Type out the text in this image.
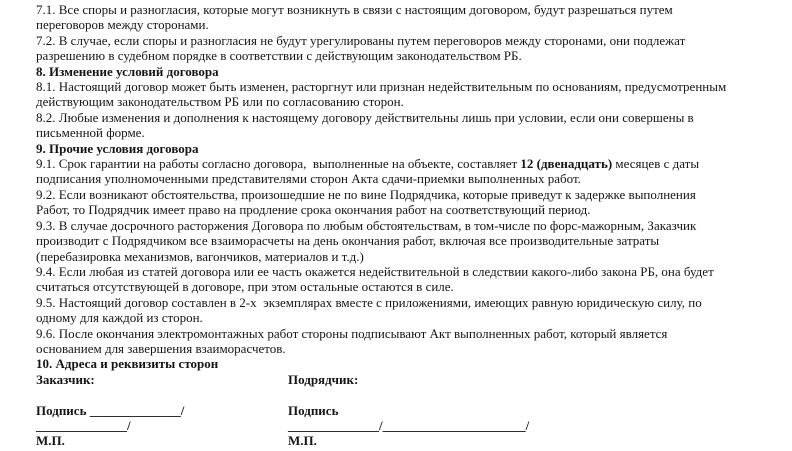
7.1. Все споры и разногласия, которые могут возникнуть в связи с настоящим договором, будут разрешаться путем
переговоров между сторонами.
7.2. В случае, если споры и разногласия не будут урегулированы путем переговоров между сторонами, они подлежат
разрешению в судебном порядке в соответствии с действующим законодательством РБ.
8. Изменение условий договора
8.1. Настоящий договор может быть изменен, расторгнут или признан недействительным по основаниям, предусмотренным
действующим законодательством РБ или по согласованию сторон.
8.2. Любые изменения и дополнения к настоящему договору действительны лишь при условии, если они совершены в
письменной форме.
9. Прочие условия договора
9.1. Срок гарантии на работы согласно договора,  выполненные на объекте, составляет 12 (двенадцать) месяцев с даты
подписания уполномоченными представителями сторон Акта сдачи-приемки выполненных работ.
9.2. Если возникают обстоятельства, произошедшие не по вине Подрядчика, которые приведут к задержке выполнения
Работ, то Подрядчик имеет право на продление срока окончания работ на соответствующий период.
9.3. В случае досрочного расторжения Договора по любым обстоятельствам, в том-числе по форс-мажорным, Заказчик
производит с Подрядчиком все взаиморасчеты на день окончания работ, включая все производительные затраты
(перебазировка механизмов, вагончиков, материалов и т.д.)
9.4. Если любая из статей договора или ее часть окажется недействительной в следствии какого-либо закона РБ, она будет
считаться отсутствующей в договоре, при этом остальные остаются в силе.
9.5. Настоящий договор составлен в 2-х  экземплярах вместе с приложениями, имеющих равную юридическую силу, по
одному для каждой из сторон.
9.6. После окончания электромонтажных работ стороны подписывают Акт выполненных работ, который является
основанием для завершения взаиморасчетов.
10. Адреса и реквизиты сторон
Заказчик:	Подрядчик:
Подпись ______________/	Подпись
______________/	______________/______________________/
М.П.	М.П.
